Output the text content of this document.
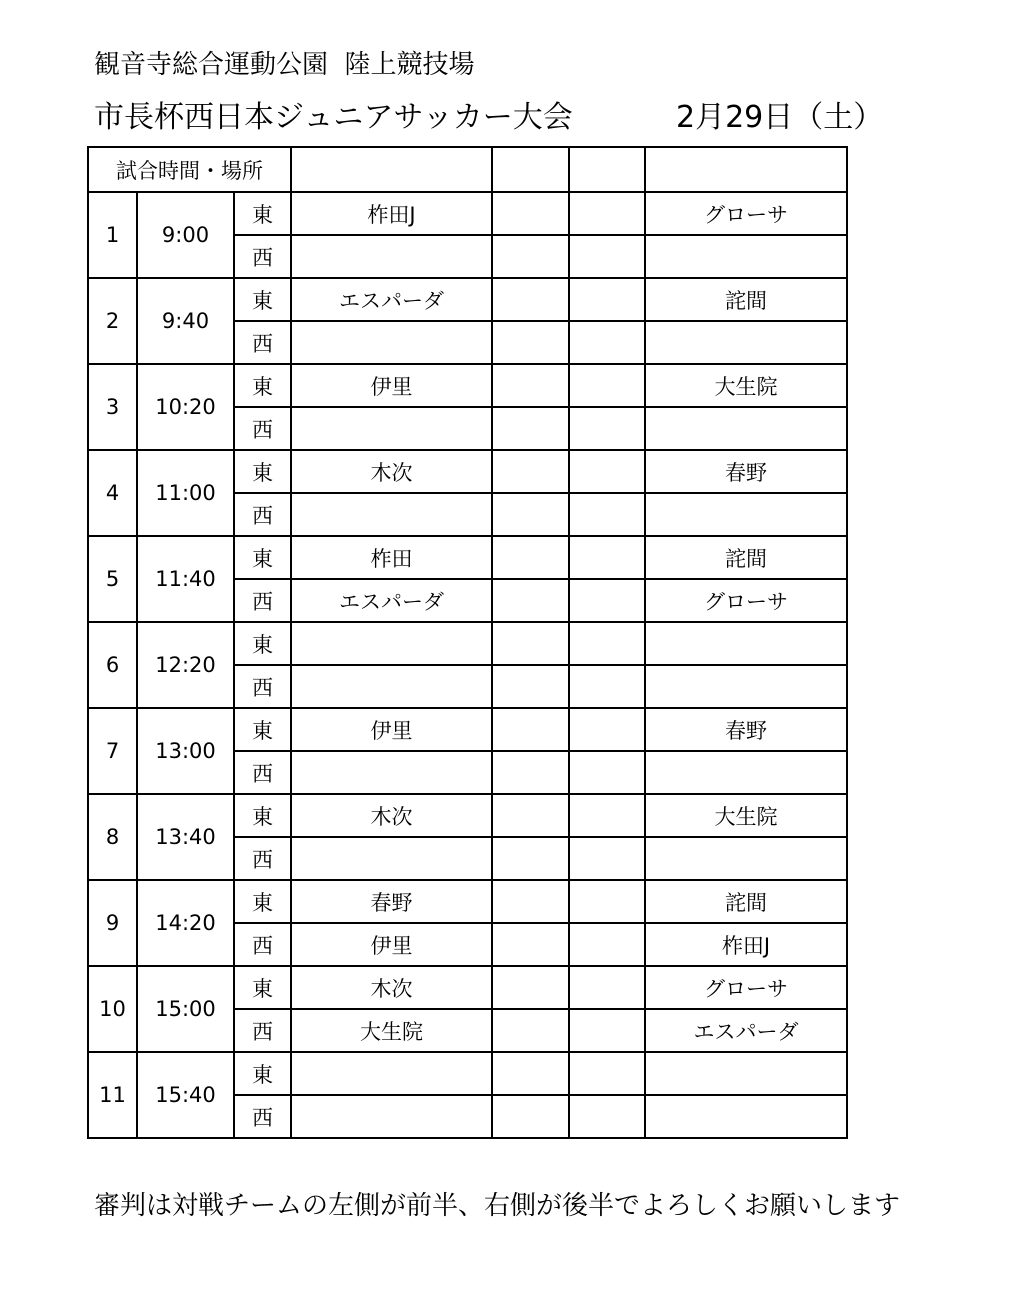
観音寺総合運動公園  陸上競技場
市長杯西日本ジュニアサッカー大会	2月29日（土）
試合時間・場所						
1	9:00	東	柞田J			グローサ
		西				
2	9:40	東	エスパーダ			詫間
		西				
3	10:20	東	伊里			大生院
		西				
4	11:00	東	木次			春野
		西				
5	11:40	東	柞田			詫間
		西	エスパーダ			グローサ
6	12:20	東				
		西				
7	13:00	東	伊里			春野
		西				
8	13:40	東	木次			大生院
		西				
9	14:20	東	春野			詫間
		西	伊里			柞田J
10	15:00	東	木次			グローサ
		西	大生院			エスパーダ
11	15:40	東				
		西				
審判は対戦チームの左側が前半、右側が後半でよろしくお願いします
